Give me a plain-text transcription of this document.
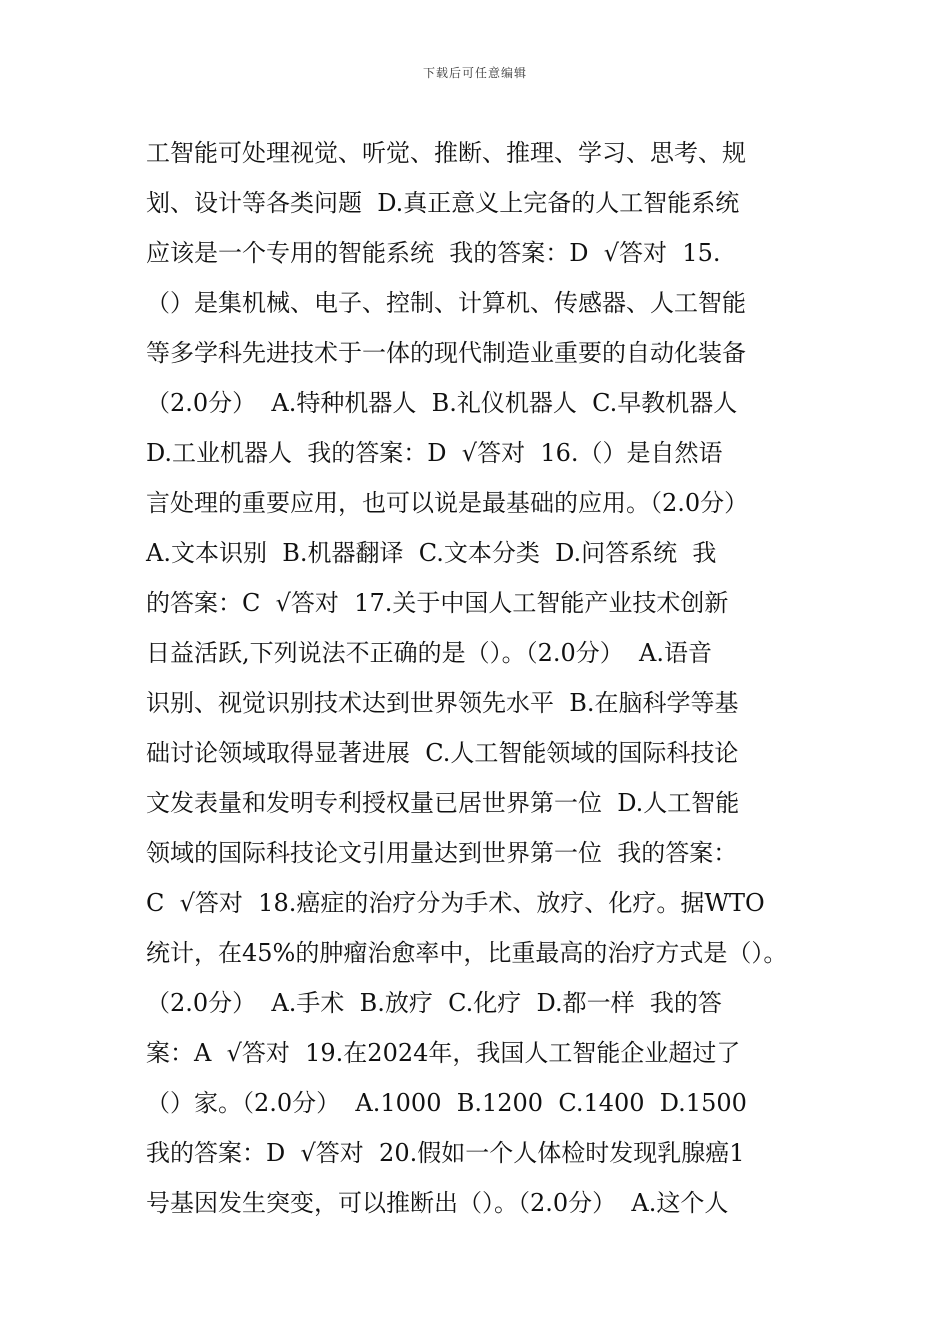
下载后可任意编辑
工智能可处理视觉、听觉、推断、推理、学习、思考、规
划、设计等各类问题  D.真正意义上完备的人工智能系统
应该是一个专用的智能系统  我的答案：D  √答对  15.
（）是集机械、电子、控制、计算机、传感器、人工智能
等多学科先进技术于一体的现代制造业重要的自动化装备
（2.0分）  A.特种机器人  B.礼仪机器人  C.早教机器人
D.工业机器人  我的答案：D  √答对  16.（）是自然语
言处理的重要应用，也可以说是最基础的应用。（2.0分）
A.文本识别  B.机器翻译  C.文本分类  D.问答系统  我
的答案：C  √答对  17.关于中国人工智能产业技术创新
日益活跃,下列说法不正确的是（）。（2.0分）  A.语音
识别、视觉识别技术达到世界领先水平  B.在脑科学等基
础讨论领域取得显著进展  C.人工智能领域的国际科技论
文发表量和发明专利授权量已居世界第一位  D.人工智能
领域的国际科技论文引用量达到世界第一位  我的答案：
C  √答对  18.癌症的治疗分为手术、放疗、化疗。据WTO
统计，在45%的肿瘤治愈率中，比重最高的治疗方式是（）。
（2.0分）  A.手术  B.放疗  C.化疗  D.都一样  我的答
案：A  √答对  19.在2024年，我国人工智能企业超过了
（）家。（2.0分）  A.1000  B.1200  C.1400  D.1500
我的答案：D  √答对  20.假如一个人体检时发现乳腺癌1
号基因发生突变，可以推断出（）。（2.0分）  A.这个人
